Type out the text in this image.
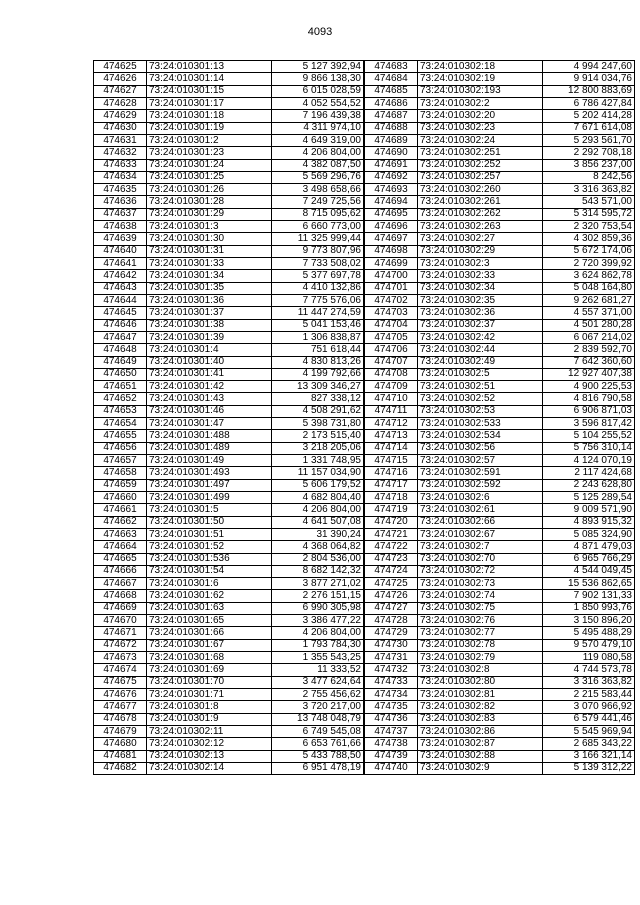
4093
474625	73:24:010301:13	5 127 392,94
474626	73:24:010301:14	9 866 138,30
474627	73:24:010301:15	6 015 028,59
474628	73:24:010301:17	4 052 554,52
474629	73:24:010301:18	7 196 439,38
474630	73:24:010301:19	4 311 974,10
474631	73:24:010301:2	4 649 319,00
474632	73:24:010301:23	4 206 804,00
474633	73:24:010301:24	4 382 087,50
474634	73:24:010301:25	5 569 296,76
474635	73:24:010301:26	3 498 658,66
474636	73:24:010301:28	7 249 725,56
474637	73:24:010301:29	8 715 095,62
474638	73:24:010301:3	6 660 773,00
474639	73:24:010301:30	11 325 999,44
474640	73:24:010301:31	9 773 807,96
474641	73:24:010301:33	7 733 508,02
474642	73:24:010301:34	5 377 697,78
474643	73:24:010301:35	4 410 132,86
474644	73:24:010301:36	7 775 576,06
474645	73:24:010301:37	11 447 274,59
474646	73:24:010301:38	5 041 153,46
474647	73:24:010301:39	1 306 838,87
474648	73:24:010301:4	751 618,44
474649	73:24:010301:40	4 830 813,26
474650	73:24:010301:41	4 199 792,66
474651	73:24:010301:42	13 309 346,27
474652	73:24:010301:43	827 338,12
474653	73:24:010301:46	4 508 291,62
474654	73:24:010301:47	5 398 731,80
474655	73:24:010301:488	2 173 515,40
474656	73:24:010301:489	3 218 205,06
474657	73:24:010301:49	1 331 748,95
474658	73:24:010301:493	11 157 034,90
474659	73:24:010301:497	5 606 179,52
474660	73:24:010301:499	4 682 804,40
474661	73:24:010301:5	4 206 804,00
474662	73:24:010301:50	4 641 507,08
474663	73:24:010301:51	31 390,24
474664	73:24:010301:52	4 368 064,82
474665	73:24:010301:536	2 804 536,00
474666	73:24:010301:54	8 682 142,32
474667	73:24:010301:6	3 877 271,02
474668	73:24:010301:62	2 276 151,15
474669	73:24:010301:63	6 990 305,98
474670	73:24:010301:65	3 386 477,22
474671	73:24:010301:66	4 206 804,00
474672	73:24:010301:67	1 793 784,30
474673	73:24:010301:68	1 355 543,25
474674	73:24:010301:69	11 333,52
474675	73:24:010301:70	3 477 624,64
474676	73:24:010301:71	2 755 456,62
474677	73:24:010301:8	3 720 217,00
474678	73:24:010301:9	13 748 048,79
474679	73:24:010302:11	6 749 545,08
474680	73:24:010302:12	6 653 761,66
474681	73:24:010302:13	5 433 788,50
474682	73:24:010302:14	6 951 478,19
474683	73:24:010302:18	4 994 247,60
474684	73:24:010302:19	9 914 034,76
474685	73:24:010302:193	12 800 883,69
474686	73:24:010302:2	6 786 427,84
474687	73:24:010302:20	5 202 414,28
474688	73:24:010302:23	7 671 614,08
474689	73:24:010302:24	5 293 561,70
474690	73:24:010302:251	2 292 708,18
474691	73:24:010302:252	3 856 237,00
474692	73:24:010302:257	8 242,56
474693	73:24:010302:260	3 316 363,82
474694	73:24:010302:261	543 571,00
474695	73:24:010302:262	5 314 595,72
474696	73:24:010302:263	2 320 753,54
474697	73:24:010302:27	4 302 859,36
474698	73:24:010302:29	5 672 174,06
474699	73:24:010302:3	2 720 399,92
474700	73:24:010302:33	3 624 862,78
474701	73:24:010302:34	5 048 164,80
474702	73:24:010302:35	9 262 681,27
474703	73:24:010302:36	4 557 371,00
474704	73:24:010302:37	4 501 280,28
474705	73:24:010302:42	6 067 214,02
474706	73:24:010302:44	2 839 592,70
474707	73:24:010302:49	7 642 360,60
474708	73:24:010302:5	12 927 407,38
474709	73:24:010302:51	4 900 225,53
474710	73:24:010302:52	4 816 790,58
474711	73:24:010302:53	6 906 871,03
474712	73:24:010302:533	3 596 817,42
474713	73:24:010302:534	5 104 255,52
474714	73:24:010302:56	5 756 310,14
474715	73:24:010302:57	4 124 070,19
474716	73:24:010302:591	2 117 424,68
474717	73:24:010302:592	2 243 628,80
474718	73:24:010302:6	5 125 289,54
474719	73:24:010302:61	9 009 571,90
474720	73:24:010302:66	4 893 915,32
474721	73:24:010302:67	5 085 324,90
474722	73:24:010302:7	4 871 479,03
474723	73:24:010302:70	6 965 766,29
474724	73:24:010302:72	4 544 049,45
474725	73:24:010302:73	15 536 862,65
474726	73:24:010302:74	7 902 131,33
474727	73:24:010302:75	1 850 993,76
474728	73:24:010302:76	3 150 896,20
474729	73:24:010302:77	5 495 488,29
474730	73:24:010302:78	9 570 479,10
474731	73:24:010302:79	119 080,58
474732	73:24:010302:8	4 744 573,78
474733	73:24:010302:80	3 316 363,82
474734	73:24:010302:81	2 215 583,44
474735	73:24:010302:82	3 070 966,92
474736	73:24:010302:83	6 579 441,46
474737	73:24:010302:86	5 545 969,94
474738	73:24:010302:87	2 685 343,22
474739	73:24:010302:88	3 166 321,14
474740	73:24:010302:9	5 139 312,22
